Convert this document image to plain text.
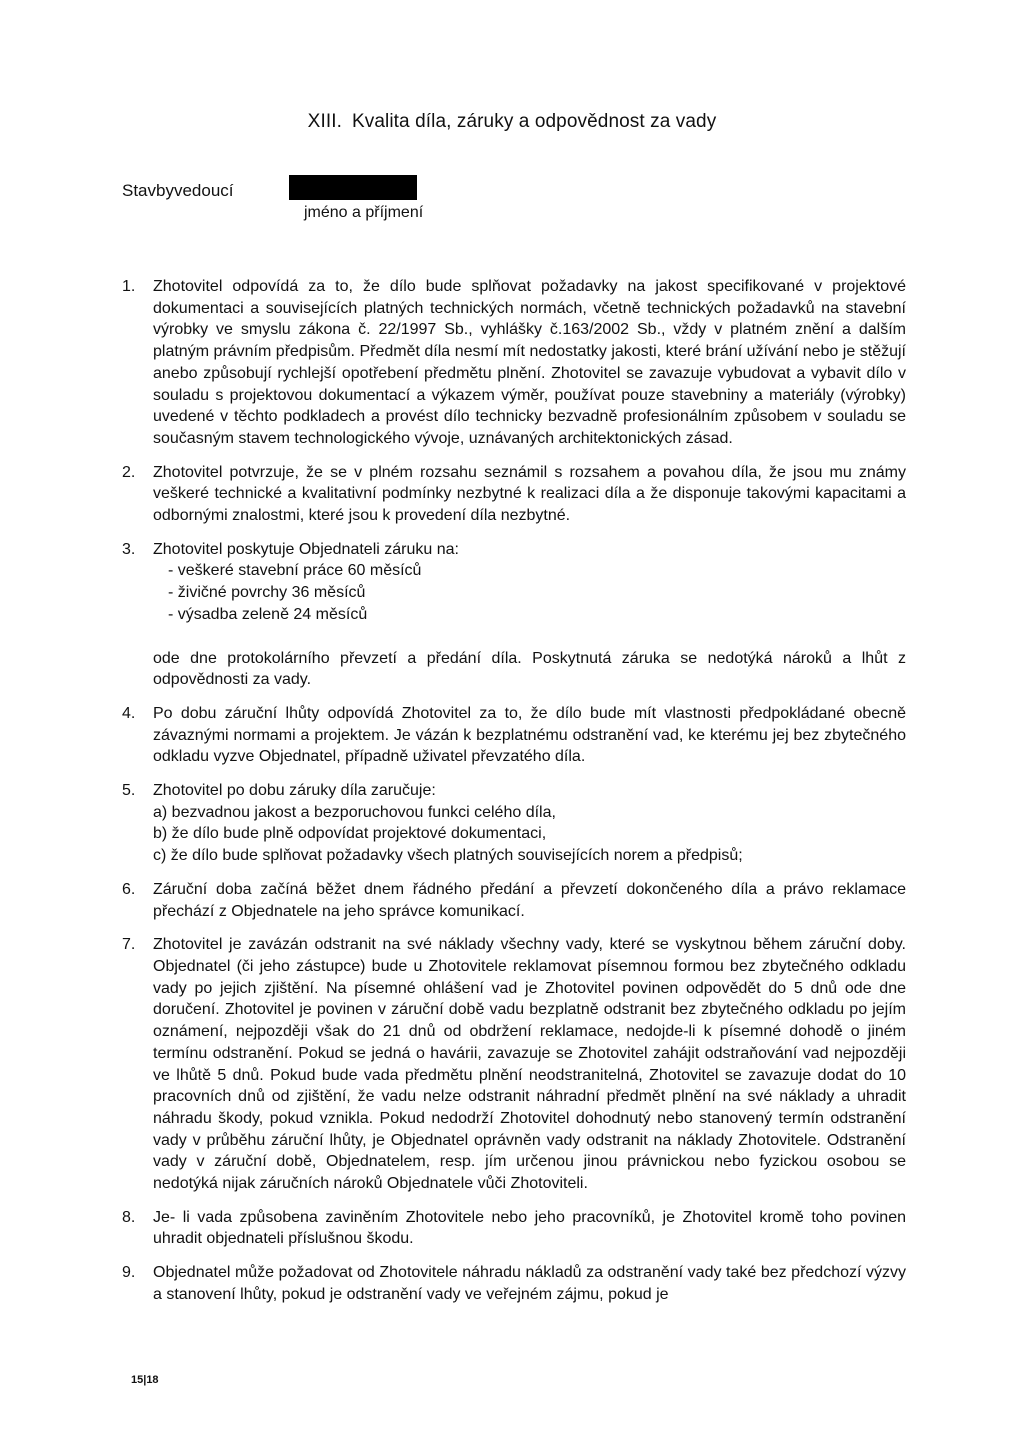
XIII. Kvalita díla, záruky a odpovědnost za vady
Stavbyvedoucí
jméno a příjmení
1. Zhotovitel odpovídá za to, že dílo bude splňovat požadavky na jakost specifikované v projektové dokumentaci a souvisejících platných technických normách, včetně technických požadavků na stavební výrobky ve smyslu zákona č. 22/1997 Sb., vyhlášky č.163/2002 Sb., vždy v platném znění a dalším platným právním předpisům. Předmět díla nesmí mít nedostatky jakosti, které brání užívání nebo je stěžují anebo způsobují rychlejší opotřebení předmětu plnění. Zhotovitel se zavazuje vybudovat a vybavit dílo v souladu s projektovou dokumentací a výkazem výměr, používat pouze stavebniny a materiály (výrobky) uvedené v těchto podkladech a provést dílo technicky bezvadně profesionálním způsobem v souladu se současným stavem technologického vývoje, uznávaných architektonických zásad.
2. Zhotovitel potvrzuje, že se v plném rozsahu seznámil s rozsahem a povahou díla, že jsou mu známy veškeré technické a kvalitativní podmínky nezbytné k realizaci díla a že disponuje takovými kapacitami a odbornými znalostmi, které jsou k provedení díla nezbytné.
3. Zhotovitel poskytuje Objednateli záruku na:
- veškeré stavební práce 60 měsíců
- živičné povrchy 36 měsíců
- výsadba zeleně 24 měsíců
ode dne protokolárního převzetí a předání díla. Poskytnutá záruka se nedotýká nároků a lhůt z odpovědnosti za vady.
4. Po dobu záruční lhůty odpovídá Zhotovitel za to, že dílo bude mít vlastnosti předpokládané obecně závaznými normami a projektem. Je vázán k bezplatnému odstranění vad, ke kterému jej bez zbytečného odkladu vyzve Objednatel, případně uživatel převzatého díla.
5. Zhotovitel po dobu záruky díla zaručuje:
a) bezvadnou jakost a bezporuchovou funkci celého díla,
b) že dílo bude plně odpovídat projektové dokumentaci,
c) že dílo bude splňovat požadavky všech platných souvisejících norem a předpisů;
6. Záruční doba začíná běžet dnem řádného předání a převzetí dokončeného díla a právo reklamace přechází z Objednatele na jeho správce komunikací.
7. Zhotovitel je zavázán odstranit na své náklady všechny vady, které se vyskytnou během záruční doby. Objednatel (či jeho zástupce) bude u Zhotovitele reklamovat písemnou formou bez zbytečného odkladu vady po jejich zjištění. Na písemné ohlášení vad je Zhotovitel povinen odpovědět do 5 dnů ode dne doručení. Zhotovitel je povinen v záruční době vadu bezplatně odstranit bez zbytečného odkladu po jejím oznámení, nejpozději však do 21 dnů od obdržení reklamace, nedojde-li k písemné dohodě o jiném termínu odstranění. Pokud se jedná o havárii, zavazuje se Zhotovitel zahájit odstraňování vad nejpozději ve lhůtě 5 dnů. Pokud bude vada předmětu plnění neodstranitelná, Zhotovitel se zavazuje dodat do 10 pracovních dnů od zjištění, že vadu nelze odstranit náhradní předmět plnění na své náklady a uhradit náhradu škody, pokud vznikla. Pokud nedodrží Zhotovitel dohodnutý nebo stanovený termín odstranění vady v průběhu záruční lhůty, je Objednatel oprávněn vady odstranit na náklady Zhotovitele. Odstranění vady v záruční době, Objednatelem, resp. jím určenou jinou právnickou nebo fyzickou osobou se nedotýká nijak záručních nároků Objednatele vůči Zhotoviteli.
8. Je- li vada způsobena zaviněním Zhotovitele nebo jeho pracovníků, je Zhotovitel kromě toho povinen uhradit objednateli příslušnou škodu.
9. Objednatel může požadovat od Zhotovitele náhradu nákladů za odstranění vady také bez předchozí výzvy a stanovení lhůty, pokud je odstranění vady ve veřejném zájmu, pokud je
15|18
